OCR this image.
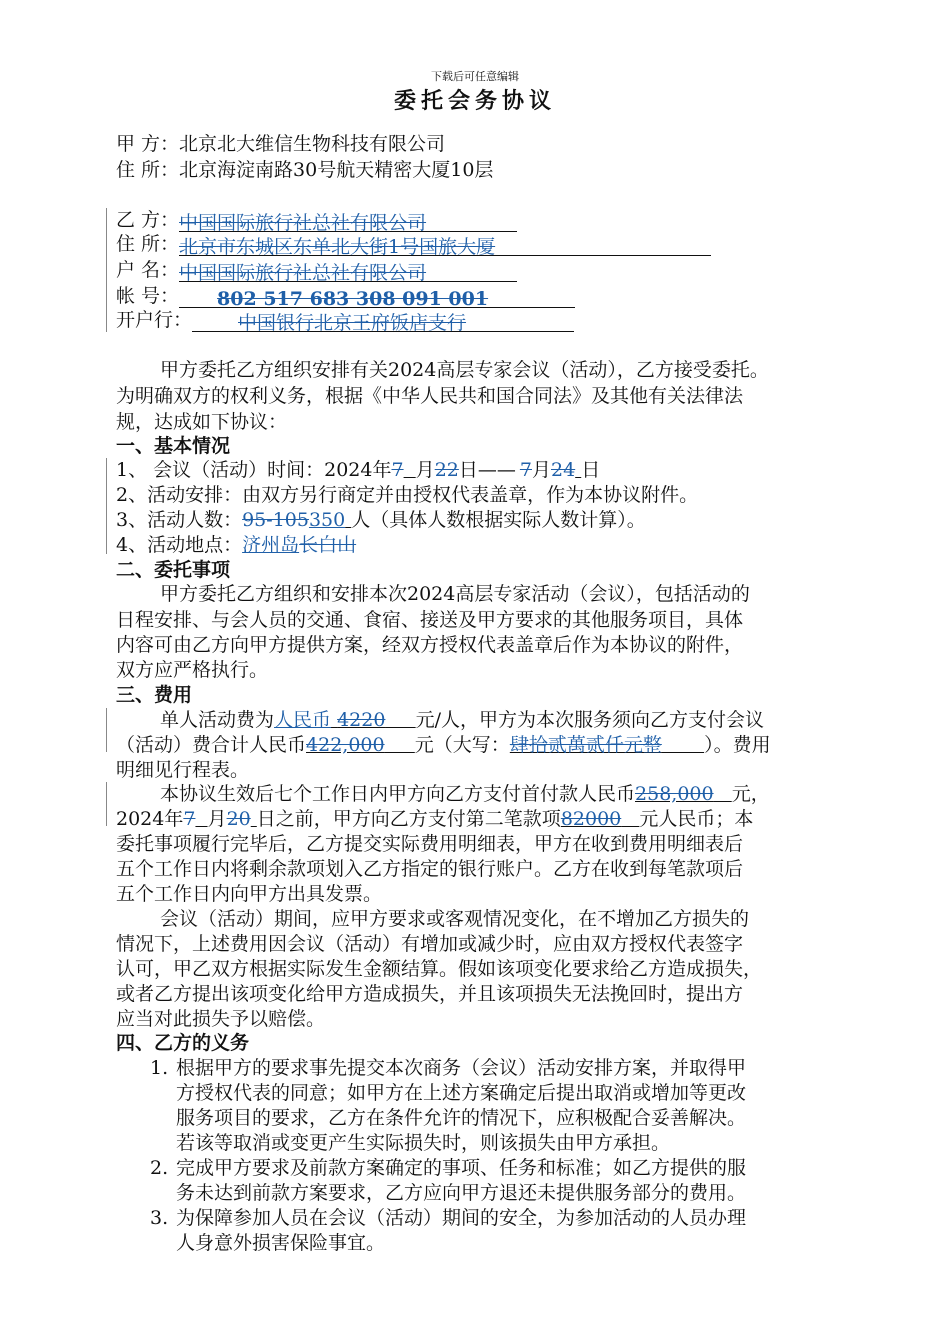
下载后可任意编辑
委托会务协议
甲 方：北京北大维信生物科技有限公司
住 所：北京海淀南路30号航天精密大厦10层
乙 方：中国国际旅行社总社有限公司
住 所：北京市东城区东单北大街1号国旅大厦
户 名：中国国际旅行社总社有限公司
帐 号： 802 517 683 308 091 001
开户行： 中国银行北京王府饭店支行
甲方委托乙方组织安排有关2024高层专家会议（活动），乙方接受委托。
为明确双方的权利义务，根据《中华人民共和国合同法》及其他有关法律法
规，达成如下协议：
一、基本情况
1、 会议（活动）时间：2024年7 月22日—— 7月24 日
2、活动安排：由双方另行商定并由授权代表盖章，作为本协议附件。
3、活动人数：95-105350 人（具体人数根据实际人数计算）。
4、活动地点：济州岛长白山
二、委托事项
甲方委托乙方组织和安排本次2024高层专家活动（会议），包括活动的
日程安排、与会人员的交通、食宿、接送及甲方要求的其他服务项目，具体
内容可由乙方向甲方提供方案，经双方授权代表盖章后作为本协议的附件，
双方应严格执行。
三、费用
单人活动费为人民币 4220 元/人，甲方为本次服务须向乙方支付会议
（活动）费合计人民币422,000 元（大写：肆拾贰萬贰仟元整 ）。费用
明细见行程表。
本协议生效后七个工作日内甲方向乙方支付首付款人民币258,000 元，
2024年7 月20 日之前，甲方向乙方支付第二笔款项82000 元人民币；本
委托事项履行完毕后，乙方提交实际费用明细表，甲方在收到费用明细表后
五个工作日内将剩余款项划入乙方指定的银行账户。乙方在收到每笔款项后
五个工作日内向甲方出具发票。
会议（活动）期间，应甲方要求或客观情况变化，在不增加乙方损失的
情况下，上述费用因会议（活动）有增加或减少时，应由双方授权代表签字
认可，甲乙双方根据实际发生金额结算。假如该项变化要求给乙方造成损失，
或者乙方提出该项变化给甲方造成损失，并且该项损失无法挽回时，提出方
应当对此损失予以赔偿。
四、乙方的义务
1. 根据甲方的要求事先提交本次商务（会议）活动安排方案，并取得甲
方授权代表的同意；如甲方在上述方案确定后提出取消或增加等更改
服务项目的要求，乙方在条件允许的情况下，应积极配合妥善解决。
若该等取消或变更产生实际损失时，则该损失由甲方承担。
2. 完成甲方要求及前款方案确定的事项、任务和标准；如乙方提供的服
务未达到前款方案要求，乙方应向甲方退还未提供服务部分的费用。
3. 为保障参加人员在会议（活动）期间的安全，为参加活动的人员办理
人身意外损害保险事宜。
